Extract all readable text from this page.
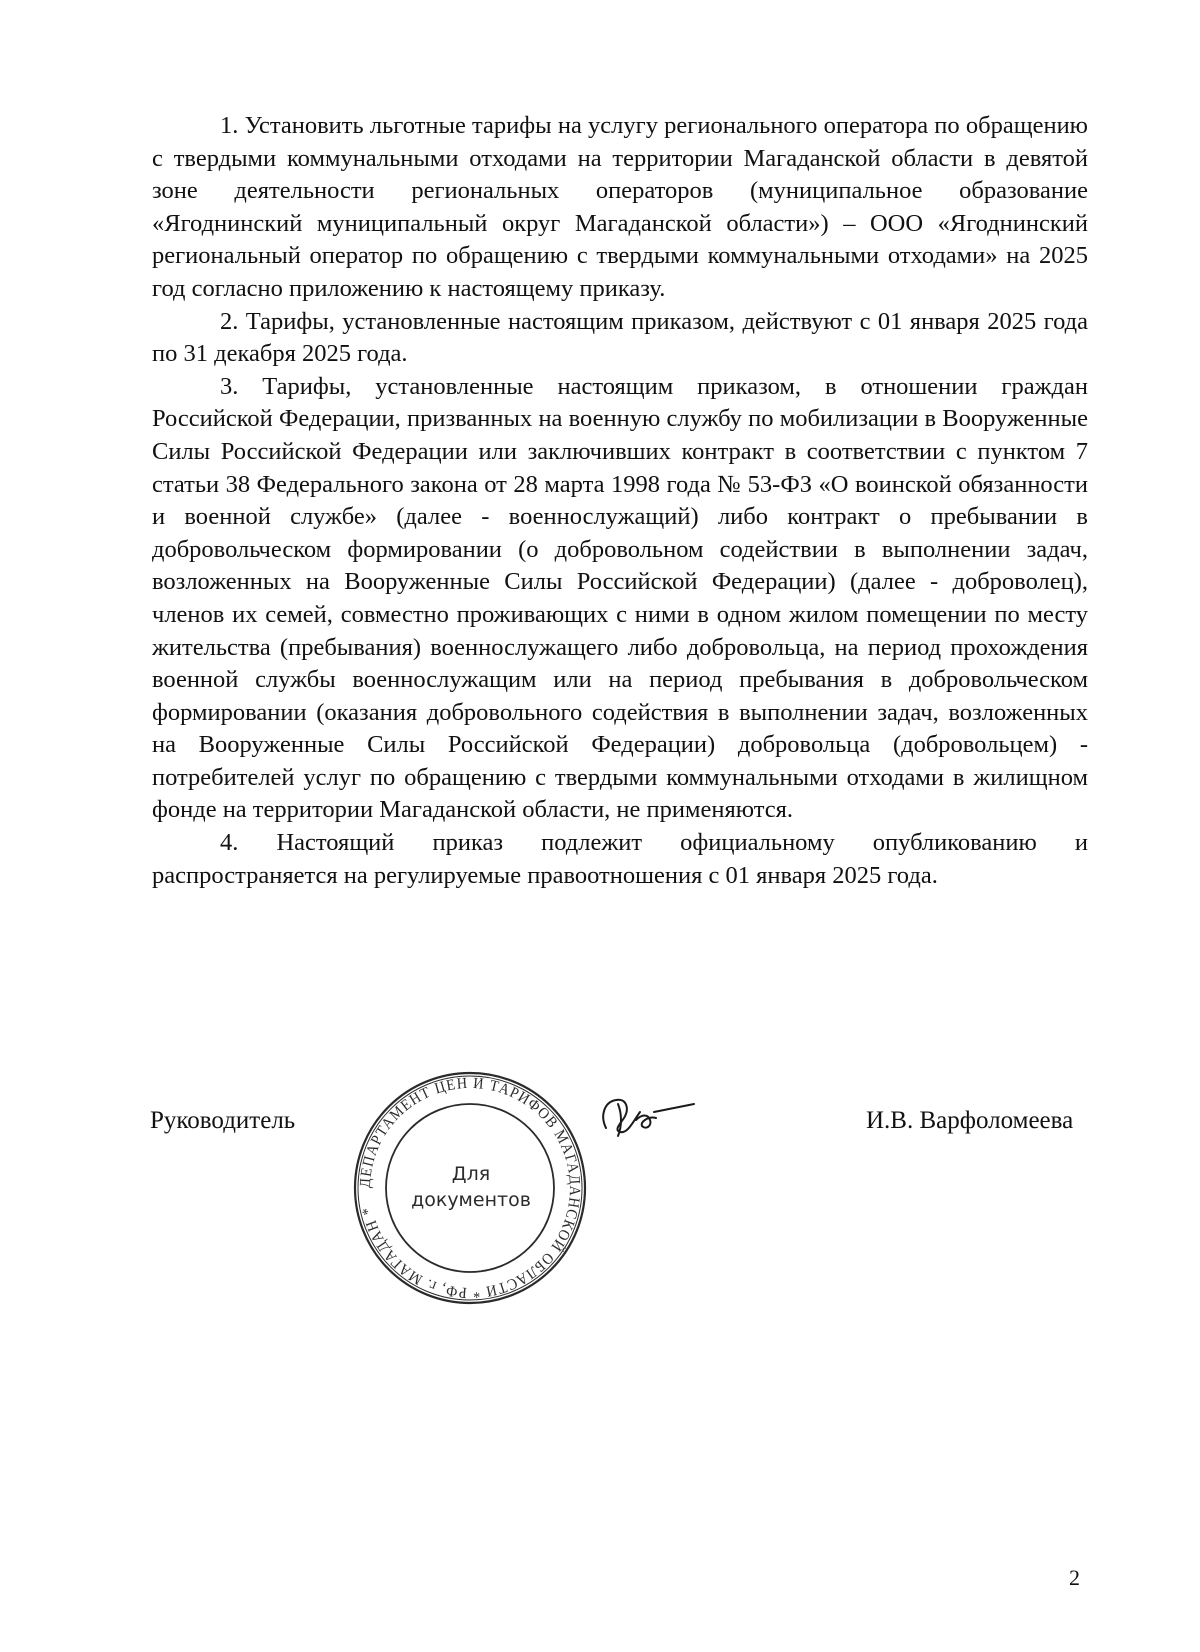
1. Установить льготные тарифы на услугу регионального оператора по обращению с твердыми коммунальными отходами на территории Магаданской области в девятой зоне деятельности региональных операторов (муниципальное образование «Ягоднинский муниципальный округ Магаданской области») – ООО «Ягоднинский региональный оператор по обращению с твердыми коммунальными отходами» на 2025 год согласно приложению к настоящему приказу.

2. Тарифы, установленные настоящим приказом, действуют с 01 января 2025 года по 31 декабря 2025 года.

3. Тарифы, установленные настоящим приказом, в отношении граждан Российской Федерации, призванных на военную службу по мобилизации в Вооруженные Силы Российской Федерации или заключивших контракт в соответствии с пунктом 7 статьи 38 Федерального закона от 28 марта 1998 года № 53-ФЗ «О воинской обязанности и военной службе» (далее - военнослужащий) либо контракт о пребывании в добровольческом формировании (о добровольном содействии в выполнении задач, возложенных на Вооруженные Силы Российской Федерации) (далее - доброволец), членов их семей, совместно проживающих с ними в одном жилом помещении по месту жительства (пребывания) военнослужащего либо добровольца, на период прохождения военной службы военнослужащим или на период пребывания в добровольческом формировании (оказания добровольного содействия в выполнении задач, возложенных на Вооруженные Силы Российской Федерации) добровольца (добровольцем) - потребителей услуг по обращению с твердыми коммунальными отходами в жилищном фонде на территории Магаданской области, не применяются.

4. Настоящий приказ подлежит официальному опубликованию и распространяется на регулируемые правоотношения с 01 января 2025 года.

Руководитель
ДЕПАРТАМЕНТ ЦЕН И ТАРИФОВ МАГАДАНСКОЙ ОБЛАСТИ * РФ, г. МАГАДАН *
Для
документов
И.В. Варфоломеева
2
